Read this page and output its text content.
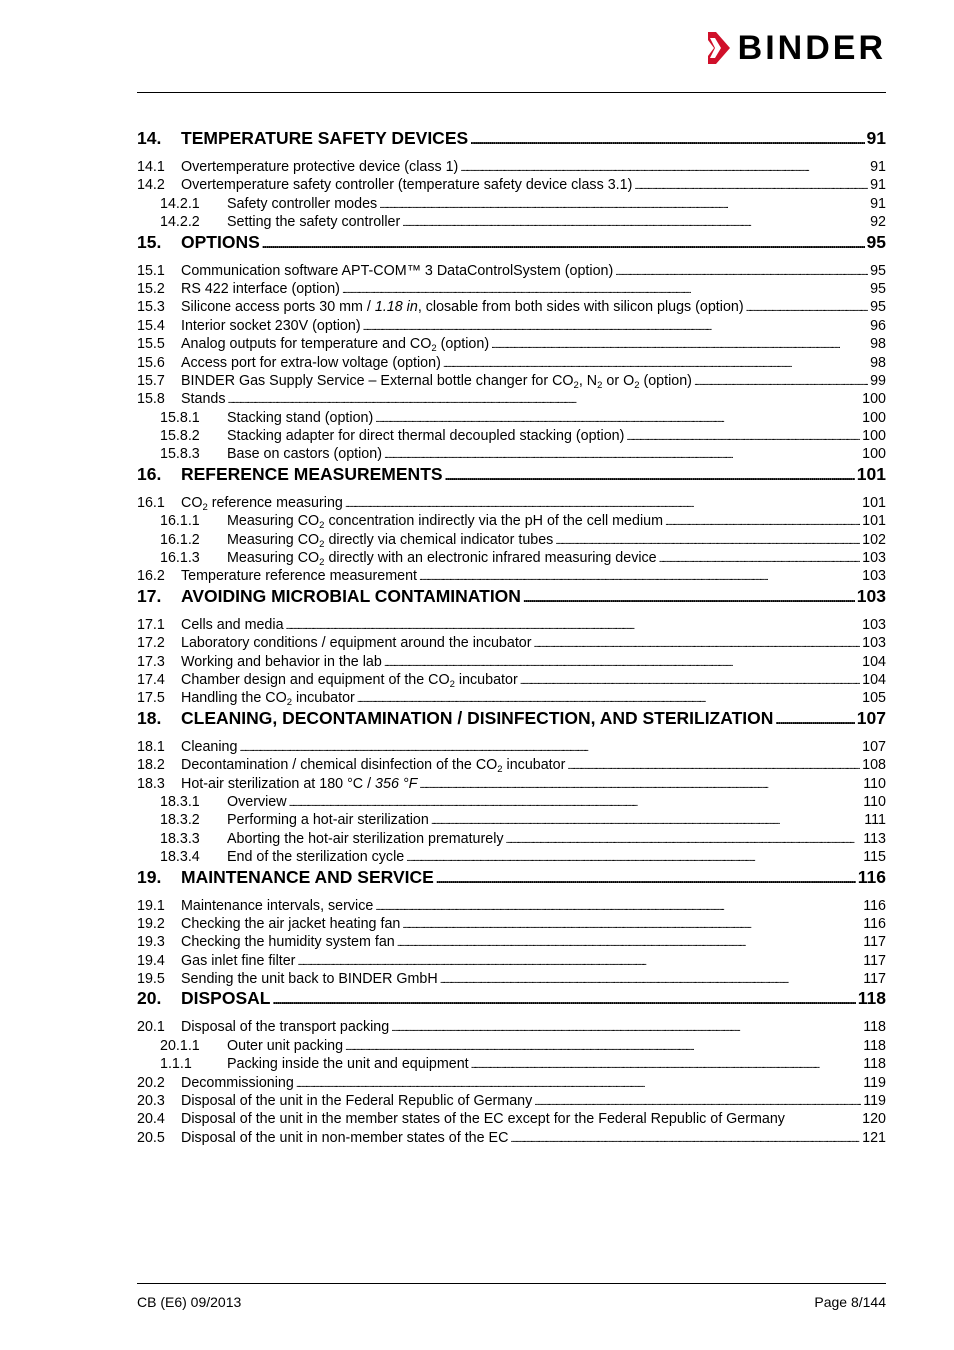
BINDER
14.	TEMPERATURE SAFETY DEVICES . . .	91
14.1	Overtemperature protective device (class 1) . . .	91
14.2	Overtemperature safety controller (temperature safety device class 3.1) . . .	91
14.2.1	Safety controller modes . . .	91
14.2.2	Setting the safety controller . . .	92
15.	OPTIONS . . .	95
15.1	Communication software APT-COM™ 3 DataControlSystem (option) . . .	95
15.2	RS 422 interface (option) . . .	95
15.3	Silicone access ports 30 mm / 1.18 in, closable from both sides with silicon plugs (option) . . .	95
15.4	Interior socket 230V (option) . . .	96
15.5	Analog outputs for temperature and $CO_2$ (option) . . .	98
15.6	Access port for extra-low voltage (option) . . .	98
15.7	BINDER Gas Supply Service – External bottle changer for $CO_2$, $N_2$ or $O_2$ (option) . . .	99
15.8	Stands . . .	100
15.8.1	Stacking stand (option) . . .	100
15.8.2	Stacking adapter for direct thermal decoupled stacking (option) . . .	100
15.8.3	Base on castors (option) . . .	100
16.	REFERENCE MEASUREMENTS . . .	101
16.1	$CO_2$ reference measuring . . .	101
16.1.1	Measuring $CO_2$ concentration indirectly via the pH of the cell medium . . .	101
16.1.2	Measuring $CO_2$ directly via chemical indicator tubes . . .	102
16.1.3	Measuring $CO_2$ directly with an electronic infrared measuring device . . .	103
16.2	Temperature reference measurement . . .	103
17.	AVOIDING MICROBIAL CONTAMINATION . . .	103
17.1	Cells and media . . .	103
17.2	Laboratory conditions / equipment around the incubator . . .	103
17.3	Working and behavior in the lab . . .	104
17.4	Chamber design and equipment of the $CO_2$ incubator . . .	104
17.5	Handling the $CO_2$ incubator . . .	105
18.	CLEANING, DECONTAMINATION / DISINFECTION, AND STERILIZATION . . .	107
18.1	Cleaning . . .	107
18.2	Decontamination / chemical disinfection of the $CO_2$ incubator . . .	108
18.3	Hot-air sterilization at 180 °C / 356 °F . . .	110
18.3.1	Overview . . .	110
18.3.2	Performing a hot-air sterilization . . .	111
18.3.3	Aborting the hot-air sterilization prematurely . . .	113
18.3.4	End of the sterilization cycle . . .	115
19.	MAINTENANCE AND SERVICE . . .	116
19.1	Maintenance intervals, service . . .	116
19.2	Checking the air jacket heating fan . . .	116
19.3	Checking the humidity system fan . . .	117
19.4	Gas inlet fine filter . . .	117
19.5	Sending the unit back to BINDER GmbH . . .	117
20.	DISPOSAL . . .	118
20.1	Disposal of the transport packing . . .	118
20.1.1	Outer unit packing . . .	118
1.1.1	Packing inside the unit and equipment . . .	118
20.2	Decommissioning . . .	119
20.3	Disposal of the unit in the Federal Republic of Germany . . .	119
20.4	Disposal of the unit in the member states of the EC except for the Federal Republic of Germany	120
20.5	Disposal of the unit in non-member states of the EC . . .	121
CB (E6) 09/2013	Page 8/144
